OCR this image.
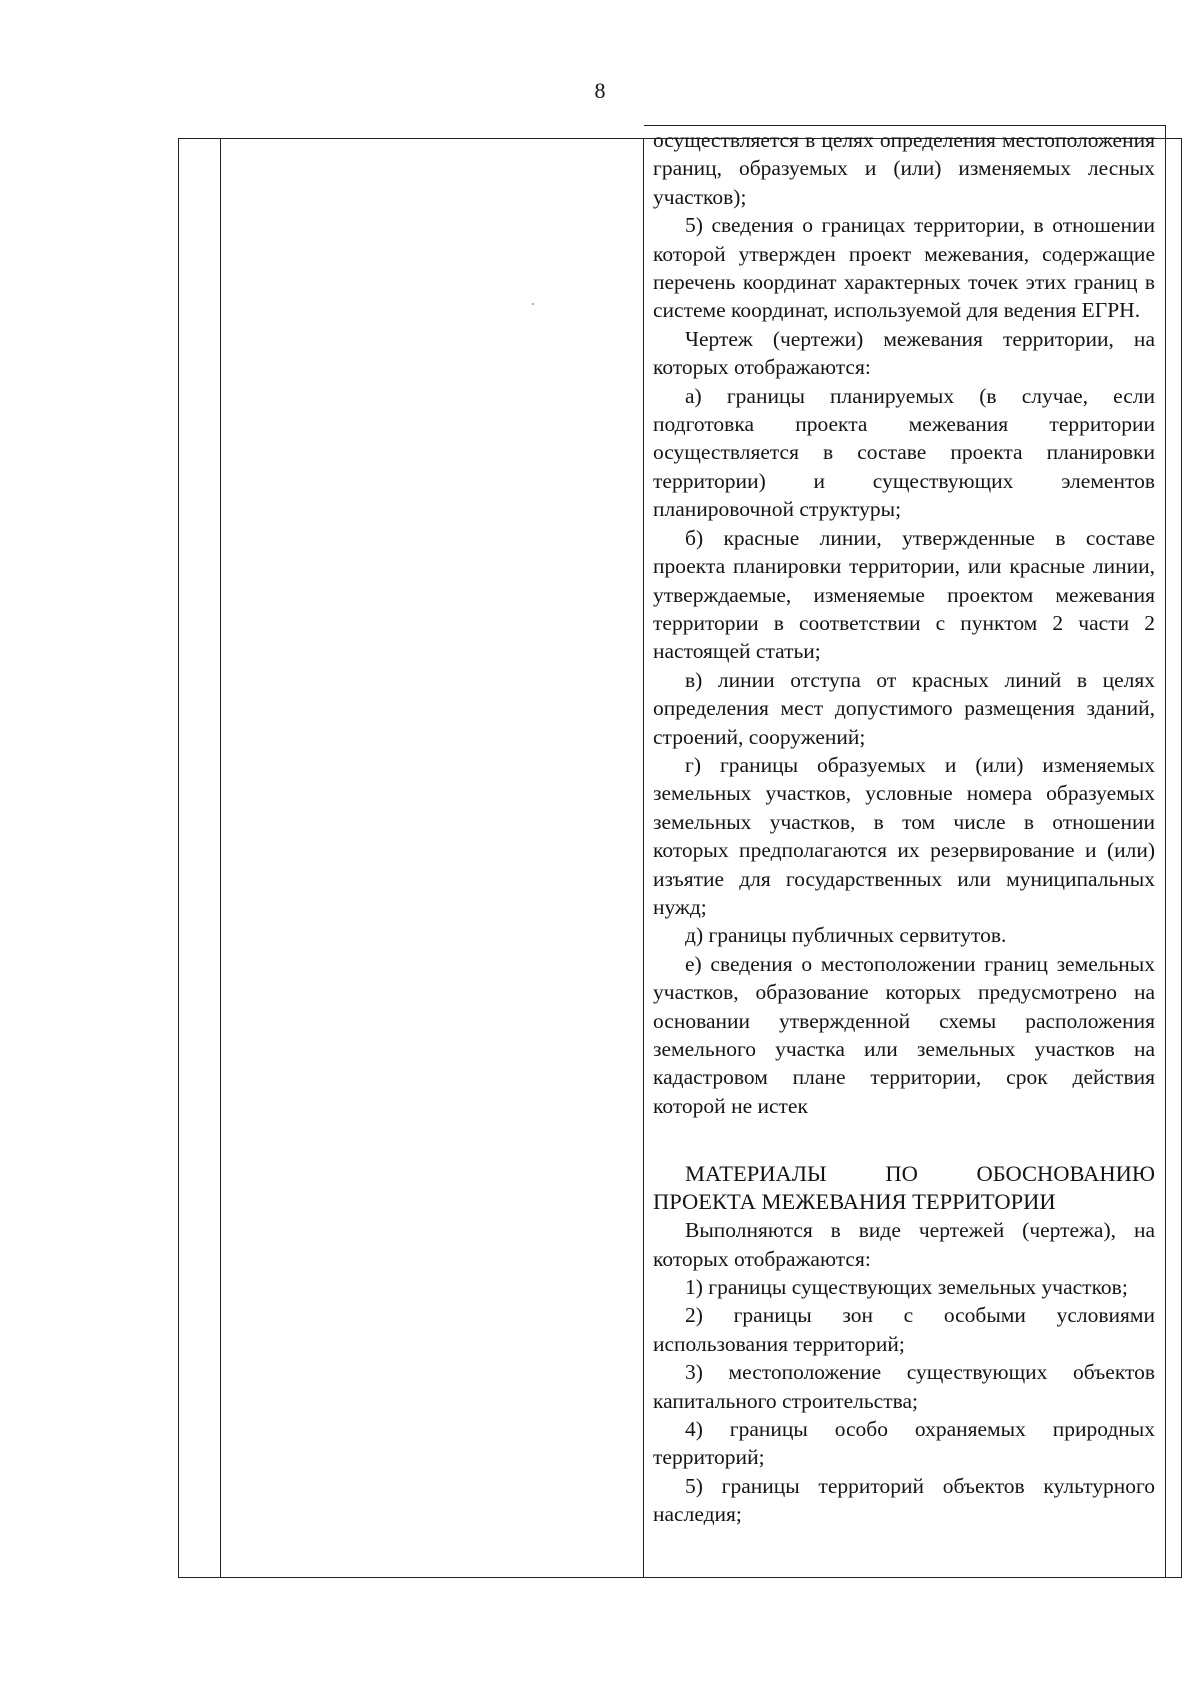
8

осуществляется в целях определения местоположения границ, образуемых и (или) изменяемых лесных участков);

5) сведения о границах территории, в отношении которой утвержден проект межевания, содержащие перечень координат характерных точек этих границ в системе координат, используемой для ведения ЕГРН.

Чертеж (чертежи) межевания территории, на которых отображаются:

а) границы планируемых (в случае, если подготовка проекта межевания территории осуществляется в составе проекта планировки территории) и существующих элементов планировочной структуры;

б) красные линии, утвержденные в составе проекта планировки территории, или красные линии, утверждаемые, изменяемые проектом межевания территории в соответствии с пунктом 2 части 2 настоящей статьи;

в) линии отступа от красных линий в целях определения мест допустимого размещения зданий, строений, сооружений;

г) границы образуемых и (или) изменяемых земельных участков, условные номера образуемых земельных участков, в том числе в отношении которых предполагаются их резервирование и (или) изъятие для государственных или муниципальных нужд;

д) границы публичных сервитутов.

е) сведения о местоположении границ земельных участков, образование которых предусмотрено на основании утвержденной схемы расположения земельного участка или земельных участков на кадастровом плане территории, срок действия которой не истек

МАТЕРИАЛЫ ПО ОБОСНОВАНИЮ ПРОЕКТА МЕЖЕВАНИЯ ТЕРРИТОРИИ

Выполняются в виде чертежей (чертежа), на которых отображаются:

1) границы существующих земельных участков;

2) границы зон с особыми условиями использования территорий;

3) местоположение существующих объектов капитального строительства;

4) границы особо охраняемых природных территорий;

5) границы территорий объектов культурного наследия;
